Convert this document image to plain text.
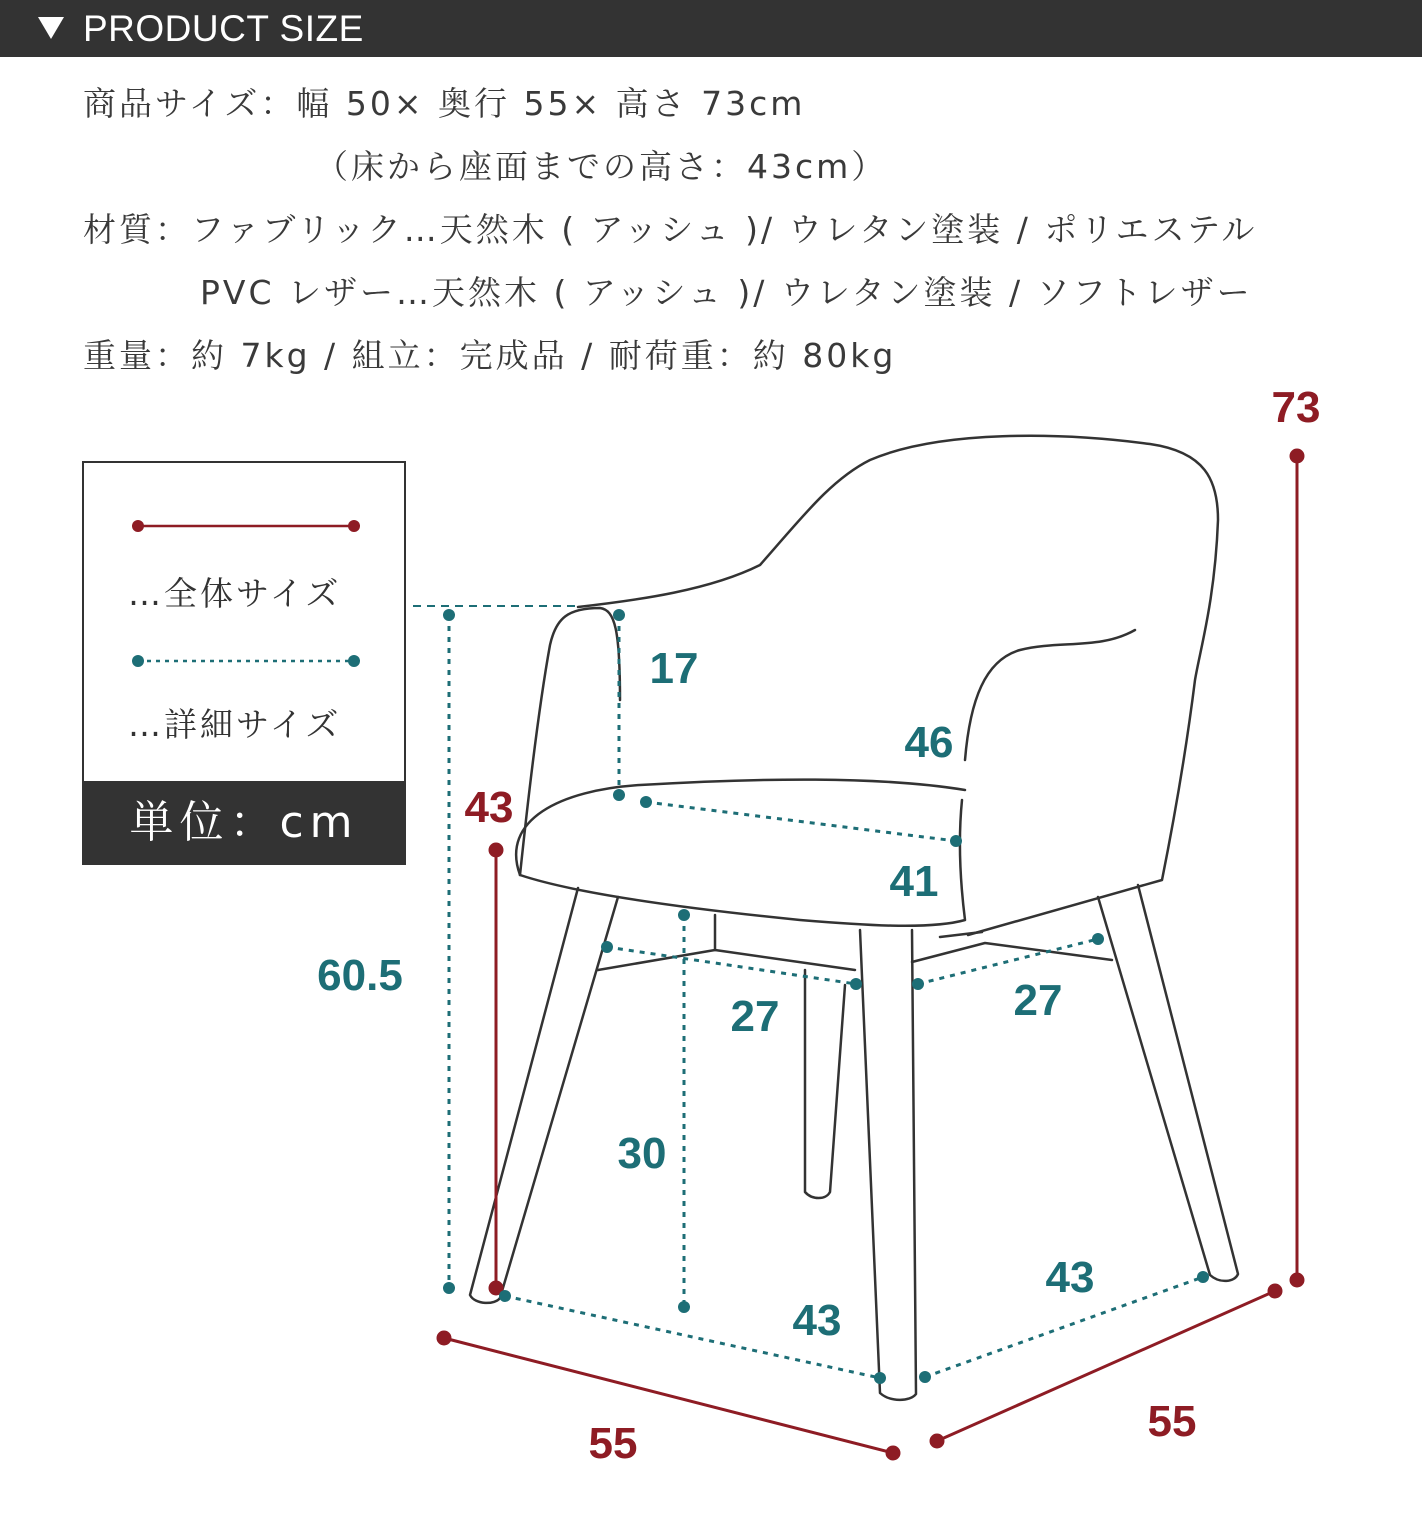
PRODUCT SIZE
商品サイズ：幅 50× 奥行 55× 高さ 73cm
（床から座面までの高さ：43cm）
材質：ファブリック…天然木 ( アッシュ )/ ウレタン塗装 / ポリエステル
PVC レザー…天然木 ( アッシュ )/ ウレタン塗装 / ソフトレザー
重量：約 7kg / 組立：完成品 / 耐荷重：約 80kg
…全体サイズ
…詳細サイズ
単位：cm
73
17
46
41
43
60.5
27	27
30
43
43
55	55
